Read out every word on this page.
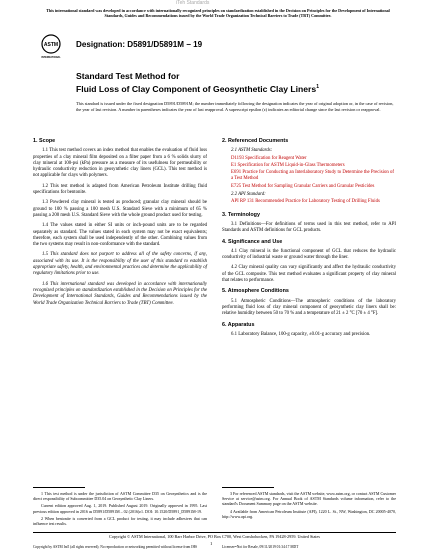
iTeh Standards
This international standard was developed in accordance with internationally recognized principles on standardization established in the Decision on Principles for the Development of International Standards, Guides and Recommendations issued by the World Trade Organization Technical Barriers to Trade (TBT) Committee.
ASTM
INTERNATIONAL
Designation: D5891/D5891M − 19
Standard Test Method for
Fluid Loss of Clay Component of Geosynthetic Clay Liners$^1$

This standard is issued under the fixed designation D5891/D5891M; the number immediately following the designation indicates the year of original adoption or, in the case of revision, the year of last revision. A number in parentheses indicates the year of last reapproval. A superscript epsilon (ε) indicates an editorial change since the last revision or reapproval.

1. Scope

1.1 This test method covers an index method that enables the evaluation of fluid loss properties of a clay mineral film deposited on a filter paper from a 6 % solids slurry of clay mineral at 100-psi (kPa) pressure as a measure of its usefulness for permeability or hydraulic conductivity reduction in geosynthetic clay liners (GCL). This test method is not applicable for clays with polymers.

1.2 This test method is adapted from American Petroleum Institute drilling fluid specifications for bentonite.

1.3 Powdered clay mineral is tested as produced; granular clay mineral should be ground to 100 % passing a 100 mesh U.S. Standard Sieve with a minimum of 65 % passing a 200 mesh U.S. Standard Sieve with the whole ground product used for testing.

1.4 The values stated in either SI units or inch-pound units are to be regarded separately as standard. The values stated in each system may not be exact equivalents; therefore, each system shall be used independently of the other. Combining values from the two systems may result in non-conformance with the standard.

1.5 This standard does not purport to address all of the safety concerns, if any, associated with its use. It is the responsibility of the user of this standard to establish appropriate safety, health, and environmental practices and determine the applicability of regulatory limitations prior to use.

1.6 This international standard was developed in accordance with internationally recognized principles on standardization established in the Decision on Principles for the Development of International Standards, Guides and Recommendations issued by the World Trade Organization Technical Barriers to Trade (TBT) Committee.

2. Referenced Documents
2.1 ASTM Standards:
D1193 Specification for Reagent Water
E1 Specification for ASTM Liquid-in-Glass Thermometers
E691 Practice for Conducting an Interlaboratory Study to Determine the Precision of a Test Method
E725 Test Method for Sampling Granular Carriers and Granular Pesticides
2.2 API Standard:
API RP 131 Recommended Practice for Laboratory Testing of Drilling Fluids
3. Terminology

3.1 Definitions—For definitions of terms used in this test method, refer to API Standards and ASTM definitions for GCL products.

4. Significance and Use

4.1 Clay mineral is the functional component of GCL that reduces the hydraulic conductivity of industrial waste or ground water through the liner.

4.2 Clay mineral quality can vary significantly and affect the hydraulic conductivity of the GCL composite. This test method evaluates a significant property of clay mineral that relates to performance.

5. Atmosphere Conditions

5.1 Atmospheric Conditions—The atmospheric conditions of the laboratory performing fluid loss of clay mineral component of geosynthetic clay liners shall be: relative humidity between 50 to 70 % and a temperature of 21 ± 2 °C [70 ± 4 °F].

6. Apparatus

6.1 Laboratory Balance, 100-g capacity, ±0.01-g accuracy and precision.

1 This test method is under the jurisdiction of ASTM Committee D35 on Geosynthetics and is the direct responsibility of Subcommittee D35.04 on Geosynthetic Clay Liners.
Current edition approved Aug. 1, 2019. Published August 2019. Originally approved in 1995. Last previous edition approved in 2016 as D5891/D5891M – 02 (2016)ε1. DOI: 10.1520/D5891_D5891M-19.
2 When bentonite is converted from a GCL product for testing, it may include adhesives that can influence test results.
3 For referenced ASTM standards, visit the ASTM website, www.astm.org, or contact ASTM Customer Service at service@astm.org. For Annual Book of ASTM Standards volume information, refer to the standard's Document Summary page on the ASTM website.
4 Available from American Petroleum Institute (API), 1220 L. St., NW, Washington, DC 20005-4070, http://www.api.org.
Copyright © ASTM International, 100 Barr Harbor Drive, PO Box C700, West Conshohocken, PA 19428-2959. United States
1
Copyright by ASTM Int'l (all rights reserved); No reproduction or networking permitted without license from IHS	Licensee=Not for Resale, 09/11/2019 01:34:17 MDT
